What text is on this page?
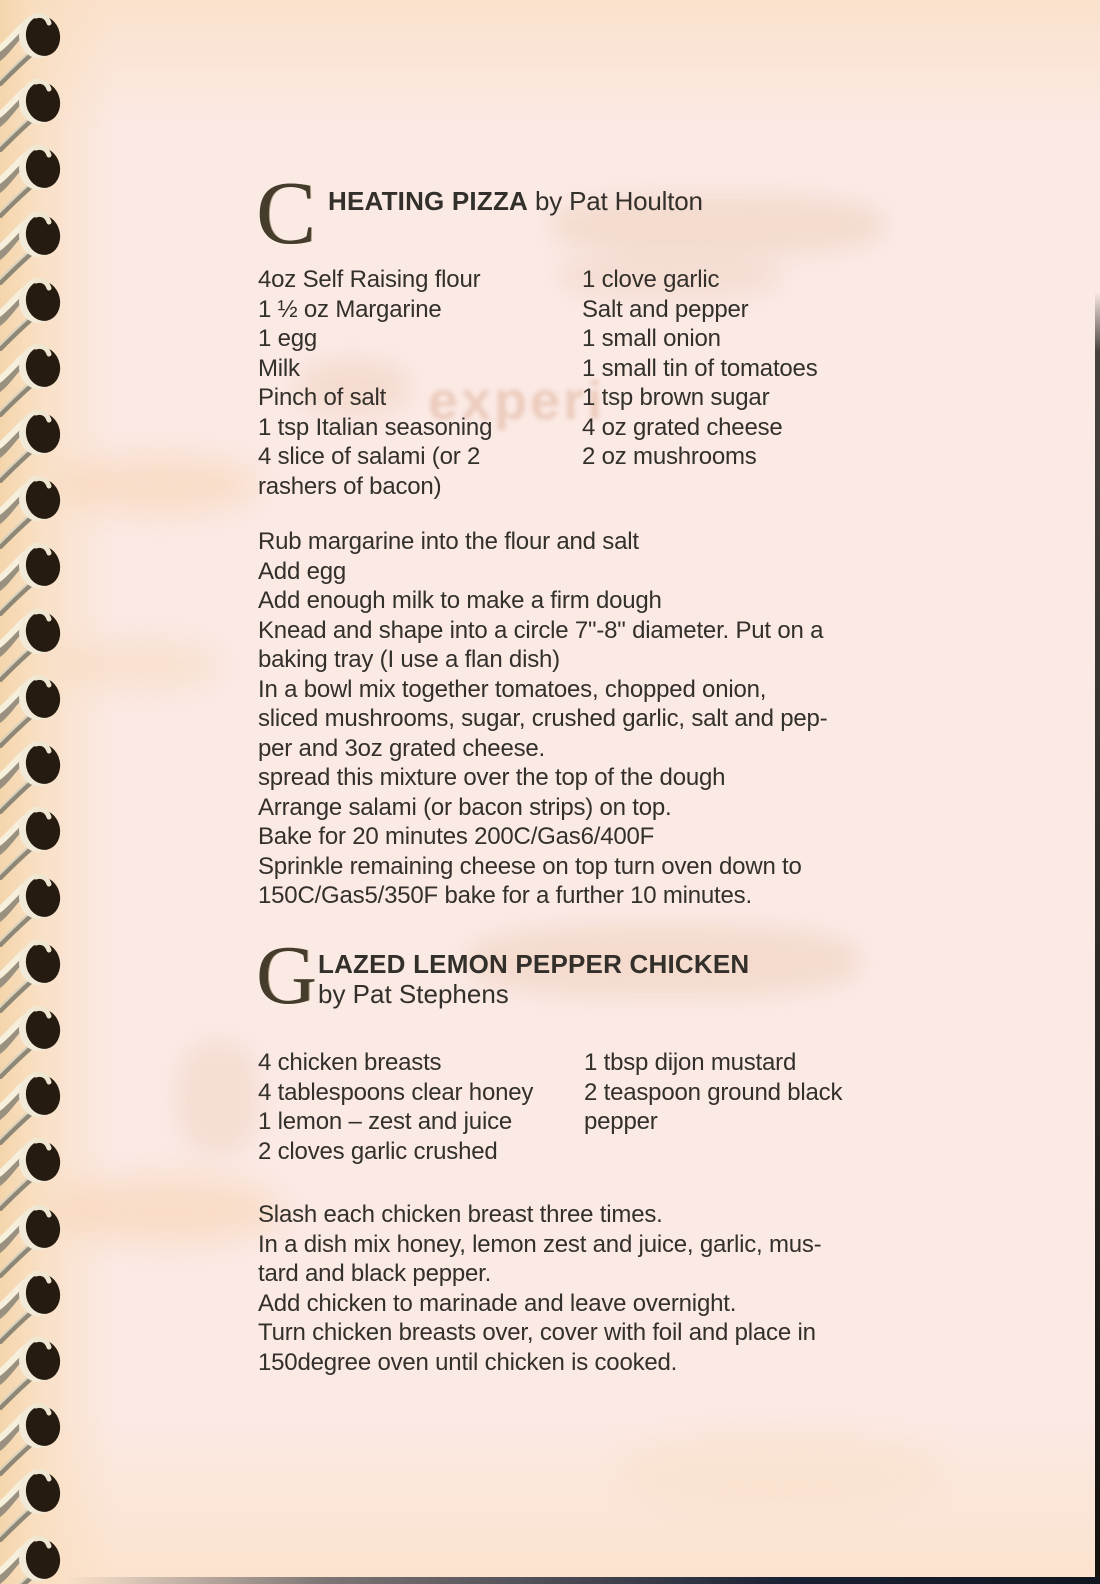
experi
C HEATING PIZZA by Pat Houlton
4oz Self Raising flour
1 ½ oz Margarine
1 egg
Milk
Pinch of salt
1 tsp Italian seasoning
4 slice of salami (or 2
rashers of bacon)
1 clove garlic
Salt and pepper
1 small onion
1 small tin of tomatoes
1 tsp brown sugar
4 oz grated cheese
2 oz mushrooms
Rub margarine into the flour and salt
Add egg
Add enough milk to make a firm dough
Knead and shape into a circle 7"-8" diameter. Put on a
baking tray (I use a flan dish)
In a bowl mix together tomatoes, chopped onion,
sliced mushrooms, sugar, crushed garlic, salt and pep-
per and 3oz grated cheese.
spread this mixture over the top of the dough
Arrange salami (or bacon strips) on top.
Bake for 20 minutes 200C/Gas6/400F
Sprinkle remaining cheese on top turn oven down to
150C/Gas5/350F bake for a further 10 minutes.
G LAZED LEMON PEPPER CHICKEN
by Pat Stephens
4 chicken breasts
4 tablespoons clear honey
1 lemon – zest and juice
2 cloves garlic crushed
1 tbsp dijon mustard
2 teaspoon ground black
pepper
Slash each chicken breast three times.
In a dish mix honey, lemon zest and juice, garlic, mus-
tard and black pepper.
Add chicken to marinade and leave overnight.
Turn chicken breasts over, cover with foil and place in
150degree oven until chicken is cooked.
